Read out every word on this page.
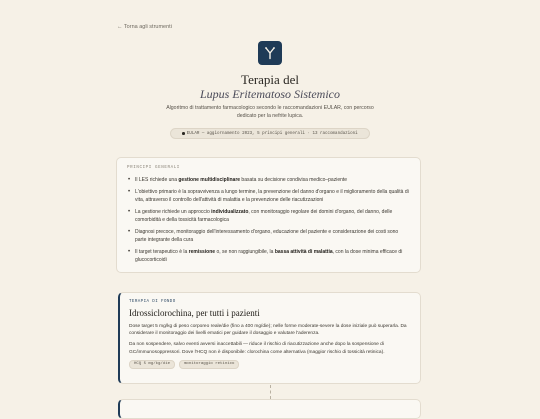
← Torna agli strumenti
Terapia del
Lupus Eritematoso Sistemico
Algoritmo di trattamento farmacologico secondo le raccomandazioni EULAR, con percorso dedicato per la nefrite lupica.
EULAR — aggiornamento 2023, 5 principi generali · 13 raccomandazioni
PRINCIPI GENERALI
• Il LES richiede una gestione multidisciplinare basata su decisione condivisa medico–paziente
• L'obiettivo primario è la sopravvivenza a lungo termine, la prevenzione del danno d'organo e il miglioramento della qualità di vita, attraverso il controllo dell'attività di malattia e la prevenzione delle riacutizzazioni
• La gestione richiede un approccio individualizzato, con monitoraggio regolare dei domini d'organo, del danno, delle comorbidità e della tossicità farmacologica
• Diagnosi precoce, monitoraggio dell'interessamento d'organo, educazione del paziente e considerazione dei costi sono parte integrante della cura
• Il target terapeutico è la remissione o, se non raggiungibile, la bassa attività di malattia, con la dose minima efficace di glucocorticoidi
TERAPIA DI FONDO
Idrossiclorochina, per tutti i pazienti

Dose target 5 mg/kg di peso corporeo reale/die (fino a 400 mg/die); nelle forme moderate-severe la dose iniziale può superarla. Da considerare il monitoraggio dei livelli ematici per guidare il dosaggio e valutare l'aderenza.

Da non sospendere, salvo eventi avversi inaccettabili — riduce il rischio di riacutizzazione anche dopo la sospensione di GC/immunosoppressori. Dove l'HCQ non è disponibile: clorochina come alternativa (maggior rischio di tossicità retinica).

HCQ 5 mg/kg/die	monitoraggio retinico
